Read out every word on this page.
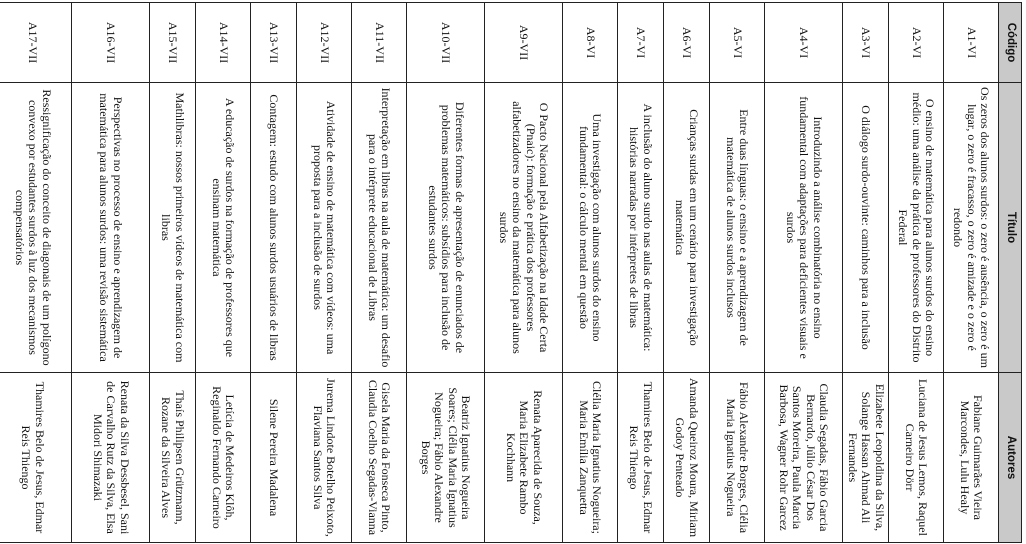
Código	Título	Autores
A1-VI	Os zeros dos alunos surdos: o zero é ausência, o zero é um lugar, o zero é fracasso, o zero é amizade e o zero é redondo	Fabiane Guimarães Vieira Marcondes, Lulu Healy
A2-VI	O ensino de matemática para alunos surdos do ensino médio: uma análise da prática de professores do Distrito Federal	Luciana de Jesus Lemos, Raquel Carneiro Dörr
A3-VI	O diálogo surdo-ouvinte: caminhos para a inclusão	Elizabete Leopoldina da Silva, Solange Hassan Ahmad Ali Fernandes
A4-VI	Introduzindo a análise combinatória no ensino fundamental com adaptações para deficientes visuais e surdos	Claudia Segadas, Fábio Garcia Bernardo, Júlio César Dos Santos Moreira, Paula Marcia Barbosa, Wagner Rohr Garcez
A5-VI	Entre duas línguas: o ensino e a aprendizagem de matemática de alunos surdos inclusos	Fábio Alexandre Borges, Clélia Maria Ignatius Nogueira
A6-VI	Crianças surdas em um cenário para investigação matemática	Amanda Queiroz Moura, Miriam Godoy Penteado
A7-VI	A inclusão do aluno surdo nas aulas de matemática: histórias narradas por intérpretes de libras	Thamires Belo de Jesus, Edmar Reis Thiengo
A8-VI	Uma investigação com alunos surdos do ensino fundamental: o cálculo mental em questão	Clélia Maria Ignatius Nogueira; Maria Emília Zanquetta
A9-VII	O Pacto Nacional pela Alfabetização na Idade Certa (Pnaic): formação e prática dos professores alfabetizadores no ensino da matemática para alunos surdos	Renata Aparecida de Souza, Maria Elizabete Rambo Kochhann
A10-VII	Diferentes formas de apresentação de enunciados de problemas matemáticos: subsídios para inclusão de estudantes surdos	Beatriz Ignatius Nogueira Soares; Clélia Maria Ignatius Nogueira; Fábio Alexandre Borges
A11-VII	Interpretação em libras na aula de matemática: um desafio para o intérprete educacional de Libras	Gisela Maria da Fonseca Pinto, Claudia Coelho Segadas-Vianna
A12-VII	Atividade de ensino de matemática com vídeos: uma proposta para a inclusão de surdos	Jurema Lindote Botelho Peixoto, Flaviana Santos Silva
A13-VII	Contagem: estudo com alunos surdos usuários de libras	Silene Pereira Madalena
A14-VII	A educação de surdos na formação de professores que ensinam matemática	Letícia de Medeiros Klôh, Reginaldo Fernando Carneiro
A15-VII	Mathlibras: nossos primeiros vídeos de matemática com libras	Thaís Philipsen Grützmann, Rozane da Silveira Alves
A16-VII	Perspectivas no processo de ensino e aprendizagem de matemática para alunos surdos: uma revisão sistemática	Renata da Silva Dessbesel, Sani de Carvalho Rutz da Silva, Elsa Midori Shimazaki
A17-VII	Ressignificação do conceito de diagonais de um polígono convexo por estudantes surdos à luz dos mecanismos compensatórios	Thamires Belo de Jesus, Edmar Reis Thiengo
